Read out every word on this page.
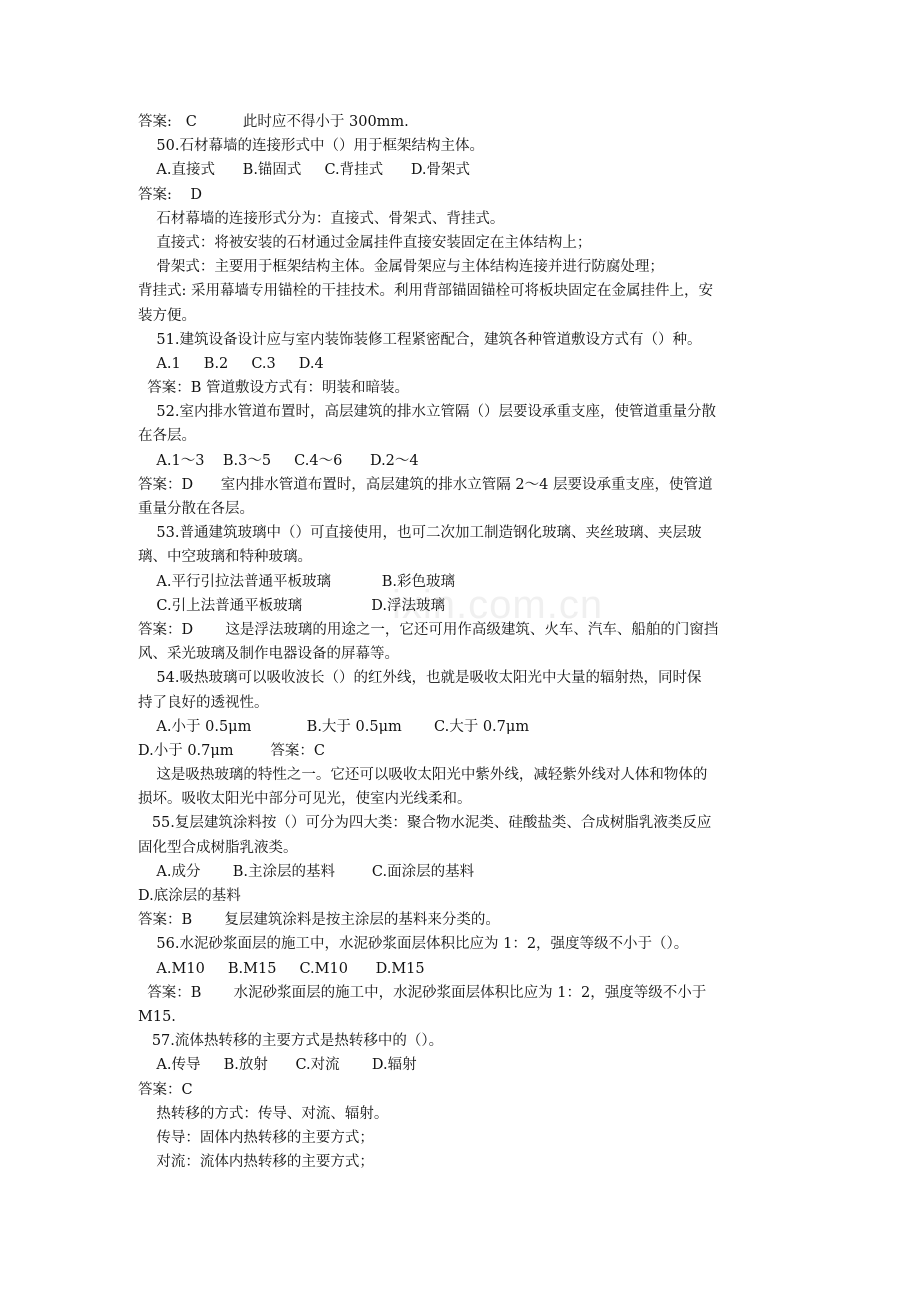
ixin.com.cn
答案:   C          此时应不得小于 300mm.
50.石材幕墙的连接形式中（）用于框架结构主体。
A.直接式      B.锚固式     C.背挂式      D.骨架式
答案:    D
石材幕墙的连接形式分为：直接式、骨架式、背挂式。
直接式：将被安装的石材通过金属挂件直接安装固定在主体结构上；
骨架式：主要用于框架结构主体。金属骨架应与主体结构连接并进行防腐处理；
背挂式: 采用幕墙专用锚栓的干挂技术。利用背部锚固锚栓可将板块固定在金属挂件上，安
装方便。
51.建筑设备设计应与室内装饰装修工程紧密配合，建筑各种管道敷设方式有（）种。
A.1     B.2     C.3     D.4
答案：B 管道敷设方式有：明装和暗装。
52.室内排水管道布置时，高层建筑的排水立管隔（）层要设承重支座，使管道重量分散
在各层。
A.1～3    B.3～5     C.4～6      D.2～4
答案：D      室内排水管道布置时，高层建筑的排水立管隔 2～4 层要设承重支座，使管道
重量分散在各层。
53.普通建筑玻璃中（）可直接使用，也可二次加工制造钢化玻璃、夹丝玻璃、夹层玻
璃、中空玻璃和特种玻璃。
A.平行引拉法普通平板玻璃           B.彩色玻璃
C.引上法普通平板玻璃               D.浮法玻璃
答案：D       这是浮法玻璃的用途之一，它还可用作高级建筑、火车、汽车、船舶的门窗挡
风、采光玻璃及制作电器设备的屏幕等。
54.吸热玻璃可以吸收波长（）的红外线，也就是吸收太阳光中大量的辐射热，同时保
持了良好的透视性。
A.小于 0.5μm            B.大于 0.5μm       C.大于 0.7μm
D.小于 0.7μm        答案：C
这是吸热玻璃的特性之一。它还可以吸收太阳光中紫外线，减轻紫外线对人体和物体的
损坏。吸收太阳光中部分可见光，使室内光线柔和。
55.复层建筑涂料按（）可分为四大类：聚合物水泥类、硅酸盐类、合成树脂乳液类反应
固化型合成树脂乳液类。
A.成分       B.主涂层的基料        C.面涂层的基料
D.底涂层的基料
答案：B       复层建筑涂料是按主涂层的基料来分类的。
56.水泥砂浆面层的施工中，水泥砂浆面层体积比应为 1：2，强度等级不小于（）。
A.M10     B.M15     C.M10      D.M15
答案：B       水泥砂浆面层的施工中，水泥砂浆面层体积比应为 1：2，强度等级不小于
M15.
57.流体热转移的主要方式是热转移中的（）。
A.传导     B.放射      C.对流       D.辐射
答案：C
热转移的方式：传导、对流、辐射。
传导：固体内热转移的主要方式；
对流：流体内热转移的主要方式；
